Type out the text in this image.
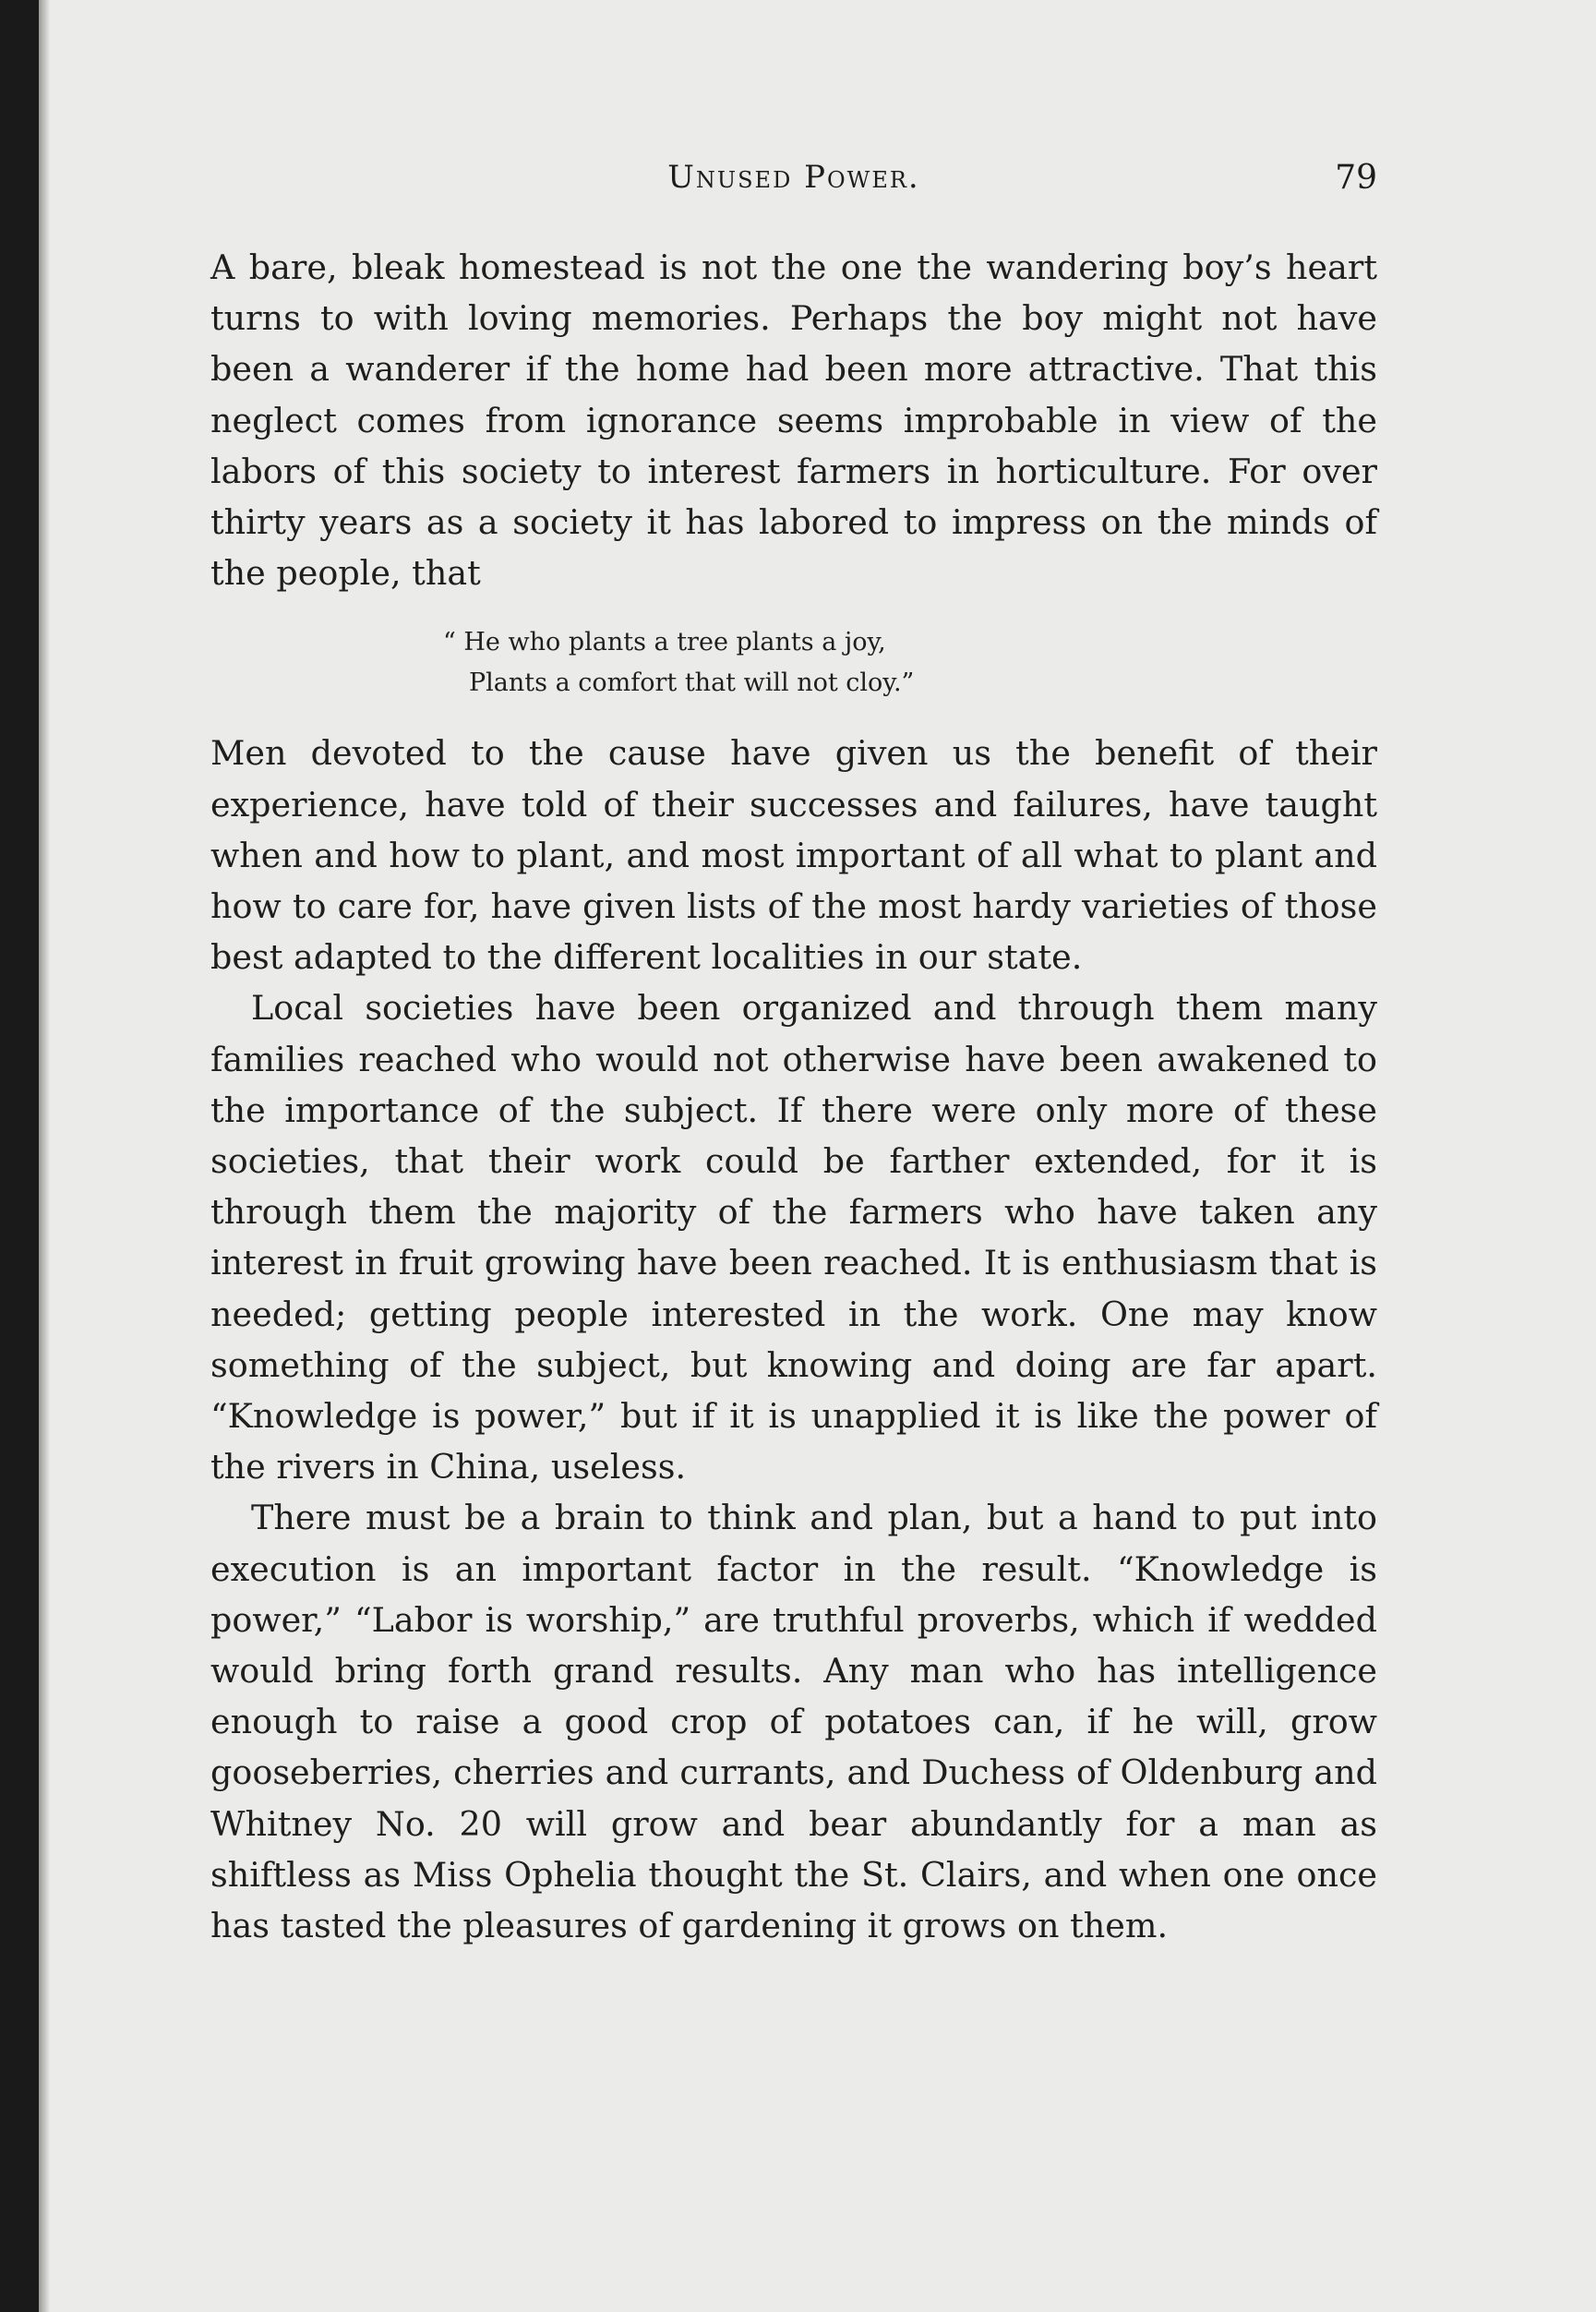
Unused Power.	79

A bare, bleak homestead is not the one the wandering boy’s heart turns to with loving memories. Perhaps the boy might not have been a wanderer if the home had been more attractive. That this neglect comes from ignorance seems improbable in view of the labors of this society to interest farmers in horticulture. For over thirty years as a society it has labored to impress on the minds of the people, that

“ He who plants a tree plants a joy,
Plants a comfort that will not cloy.”

Men devoted to the cause have given us the benefit of their experience, have told of their successes and failures, have taught when and how to plant, and most important of all what to plant and how to care for, have given lists of the most hardy varieties of those best adapted to the different localities in our state.

Local societies have been organized and through them many families reached who would not otherwise have been awakened to the importance of the subject. If there were only more of these societies, that their work could be farther extended, for it is through them the majority of the farmers who have taken any interest in fruit growing have been reached. It is enthusiasm that is needed; getting people interested in the work. One may know something of the subject, but knowing and doing are far apart. “Knowledge is power,” but if it is unapplied it is like the power of the rivers in China, useless.

There must be a brain to think and plan, but a hand to put into execution is an important factor in the result. “Knowledge is power,” “Labor is worship,” are truthful proverbs, which if wedded would bring forth grand results. Any man who has intelligence enough to raise a good crop of potatoes can, if he will, grow gooseberries, cherries and currants, and Duchess of Oldenburg and Whitney No. 20 will grow and bear abundantly for a man as shiftless as Miss Ophelia thought the St. Clairs, and when one once has tasted the pleasures of gardening it grows on them.
